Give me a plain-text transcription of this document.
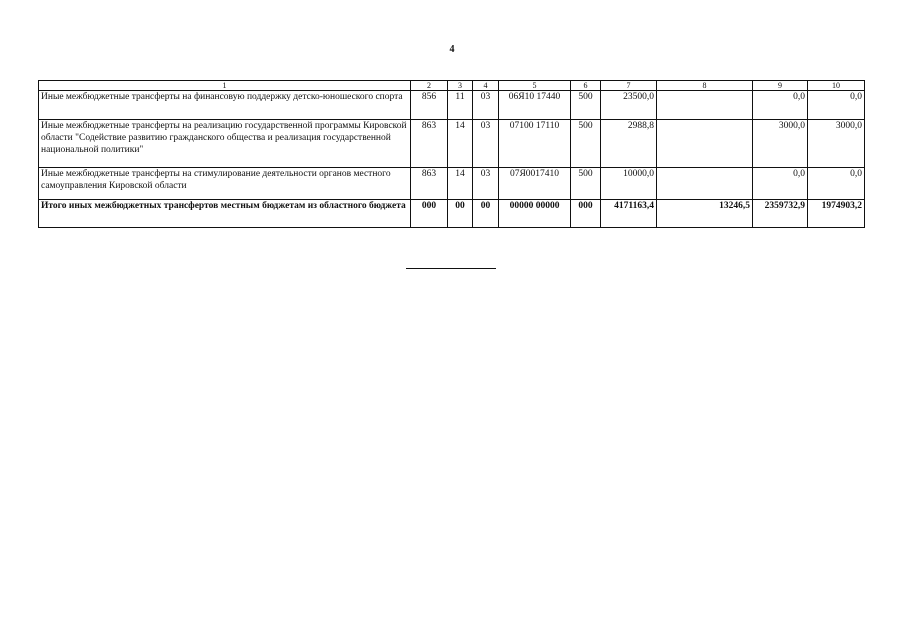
4
1	2	3	4	5	6	7	8	9	10
Иные межбюджетные трансферты на финансовую поддержку детско-юношеского спорта	856	11	03	06Я10 17440	500	23500,0		0,0	0,0
Иные межбюджетные трансферты на реализацию государственной программы Кировской области "Содействие развитию гражданского общества и реализация государственной национальной политики"	863	14	03	07100 17110	500	2988,8		3000,0	3000,0
Иные межбюджетные трансферты на стимулирование деятельности органов местного самоуправления Кировской области	863	14	03	07Я0017410	500	10000,0		0,0	0,0
Итого иных межбюджетных трансфертов местным бюджетам из областного бюджета	000	00	00	00000 00000	000	4171163,4	13246,5	2359732,9	1974903,2
